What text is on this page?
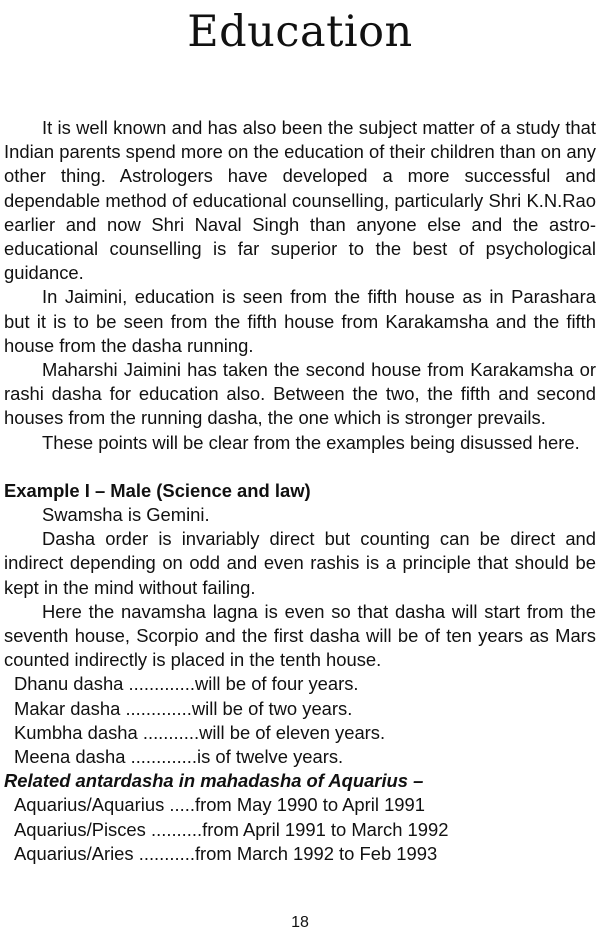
Education

It is well known and has also been the subject matter of a study that Indian parents spend more on the education of their children than on any other thing. Astrologers have developed a more successful and dependable method of educational counselling, particularly Shri K.N.Rao earlier and now Shri Naval Singh than anyone else and the astro-educational counselling is far superior to the best of psychological guidance.

In Jaimini, education is seen from the fifth house as in Parashara but it is to be seen from the fifth house from Karakamsha and the fifth house from the dasha running.

Maharshi Jaimini has taken the second house from Karakamsha or rashi dasha for education also. Between the two, the fifth and second houses from the running dasha, the one which is stronger prevails.

These points will be clear from the examples being disussed here.

Example I – Male (Science and law)

Swamsha is Gemini.

Dasha order is invariably direct but counting can be direct and indirect depending on odd and even rashis is a principle that should be kept in the mind without failing.

Here the navamsha lagna is even so that dasha will start from the seventh house, Scorpio and the first dasha will be of ten years as Mars counted indirectly is placed in the tenth house.

Dhanu dasha .............will be of four years.
Makar dasha .............will be of two years.
Kumbha dasha ...........will be of eleven years.
Meena dasha .............is of twelve years.
Related antardasha in mahadasha of Aquarius –
Aquarius/Aquarius .....from May 1990 to April 1991
Aquarius/Pisces ..........from April 1991 to March 1992
Aquarius/Aries ...........from March 1992 to Feb 1993
18
